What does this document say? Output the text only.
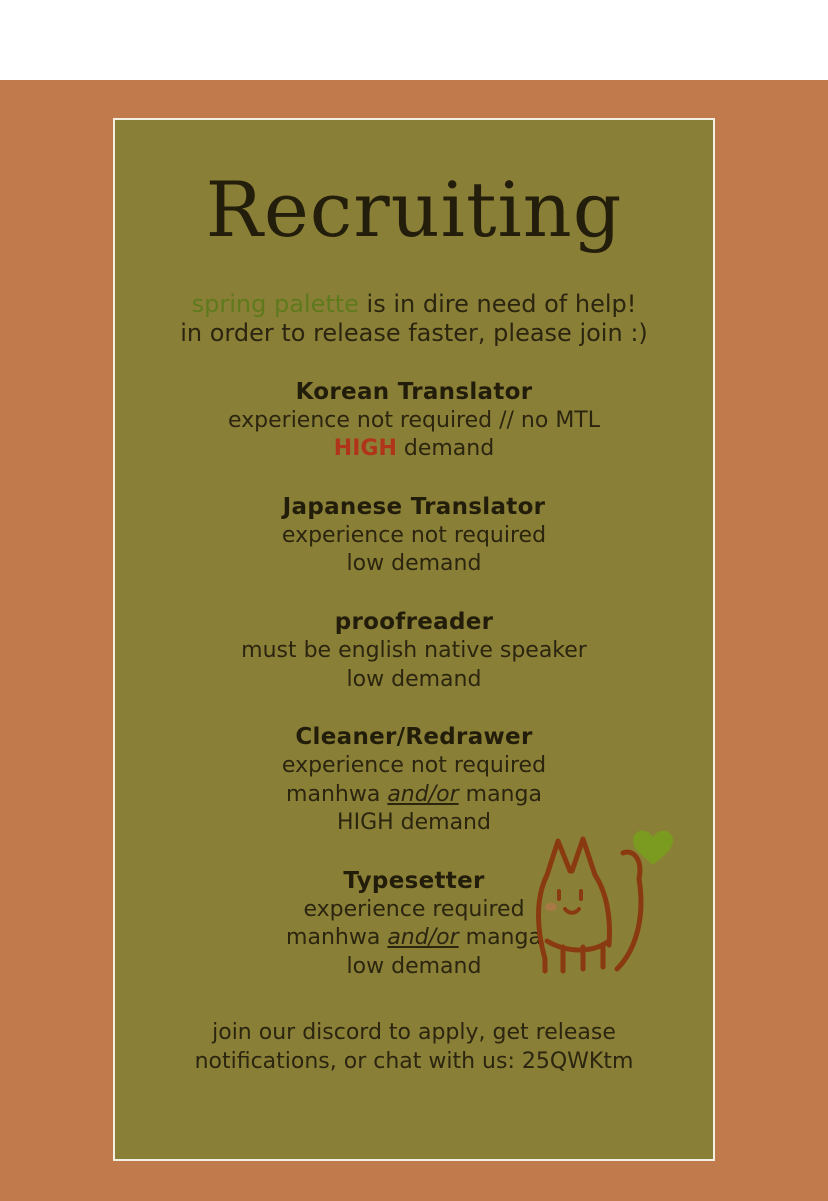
Recruiting
spring palette is in dire need of help!
in order to release faster, please join :)
Korean Translator
experience not required // no MTL
HIGH demand
Japanese Translator
experience not required
low demand
proofreader
must be english native speaker
low demand
Cleaner/Redrawer
experience not required
manhwa and/or manga
HIGH demand
Typesetter
experience required
manhwa and/or manga
low demand
join our discord to apply, get release
notifications, or chat with us: 25QWKtm
